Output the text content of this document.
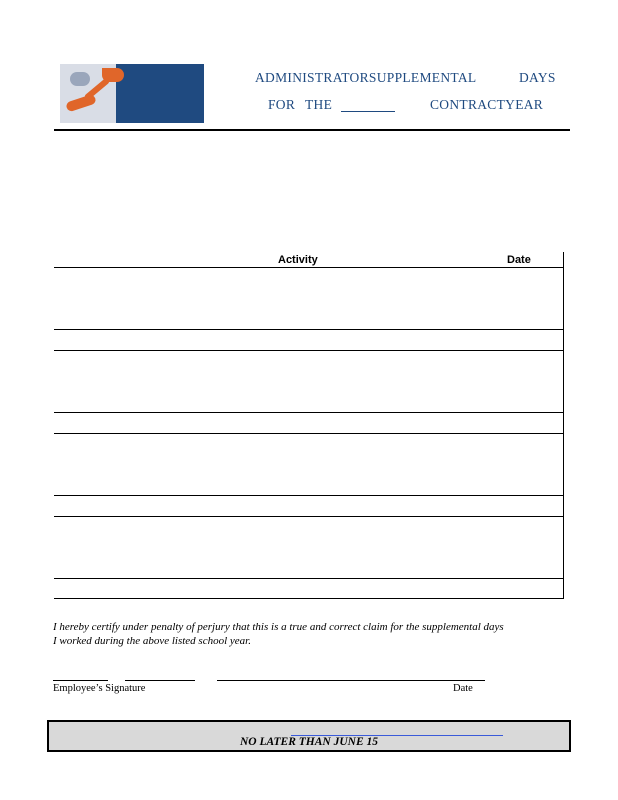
ADMINISTRATORSUPPLEMENTAL	DAYS
FOR THE	CONTRACTYEAR
Activity	Date
I hereby certify under penalty of perjury that this is a true and correct claim for the supplemental days
I worked during the above listed school year.
Employee’s Signature	Date
NO LATER THAN JUNE 15
